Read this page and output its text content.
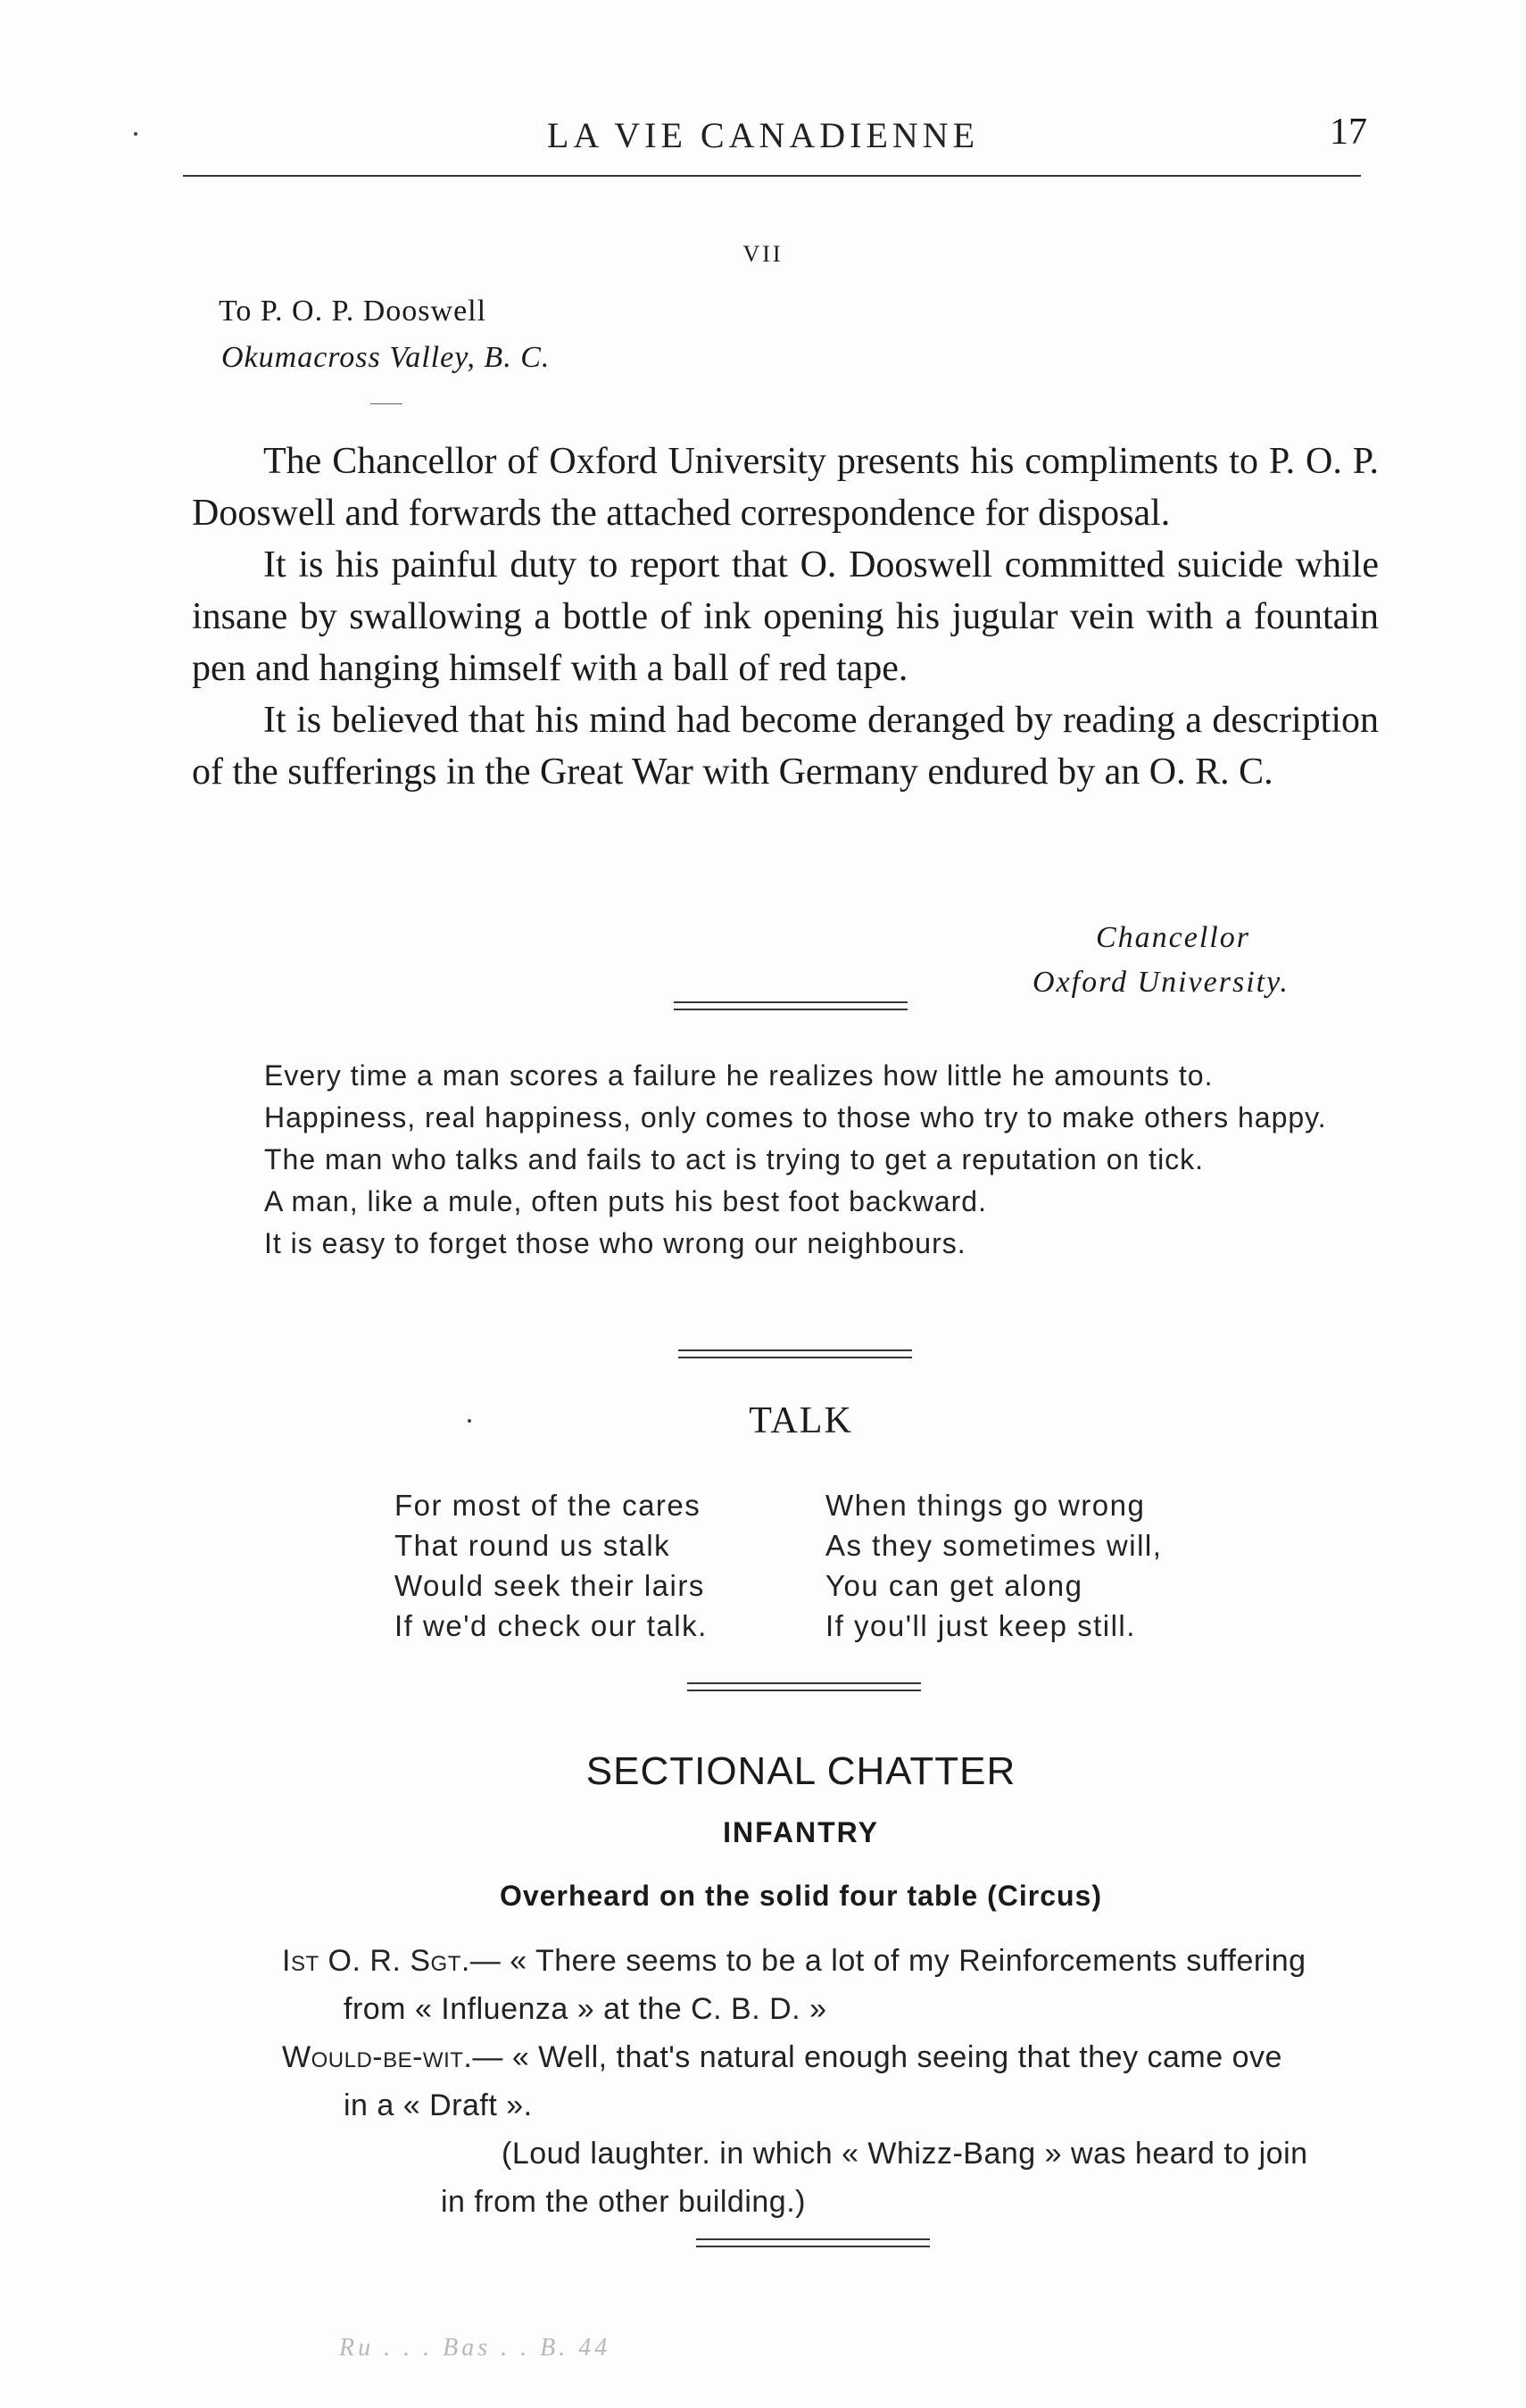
LA VIE CANADIENNE	17
VII
To P. O. P. Dooswell
Okumacross Valley, B. C.

The Chancellor of Oxford University presents his compliments to P. O. P. Dooswell and forwards the attached correspondence for disposal.

It is his painful duty to report that O. Dooswell committed suicide while insane by swallowing a bottle of ink opening his jugular vein with a fountain pen and hanging himself with a ball of red tape.

It is believed that his mind had become deranged by reading a description of the sufferings in the Great War with Germany endured by an O. R. C.

Chancellor
Oxford University.

Every time a man scores a failure he realizes how little he amounts to.

Happiness, real happiness, only comes to those who try to make others happy.

The man who talks and fails to act is trying to get a reputation on tick.

A man, like a mule, often puts his best foot backward.

It is easy to forget those who wrong our neighbours.

TALK
For most of the cares
That round us stalk
Would seek their lairs
If we'd check our talk.
When things go wrong
As they sometimes will,
You can get along
If you'll just keep still.
SECTIONAL CHATTER
INFANTRY
Overheard on the solid four table (Circus)
Ist O. R. Sgt.— « There seems to be a lot of my Reinforcements suffering
from « Influenza » at the C. B. D. »
Would-be-wit.— « Well, that's natural enough seeing that they came ove
in a « Draft ».
(Loud laughter. in which « Whizz-Bang » was heard to join
in from the other building.)
Ru . . . Bas . . B. 44
